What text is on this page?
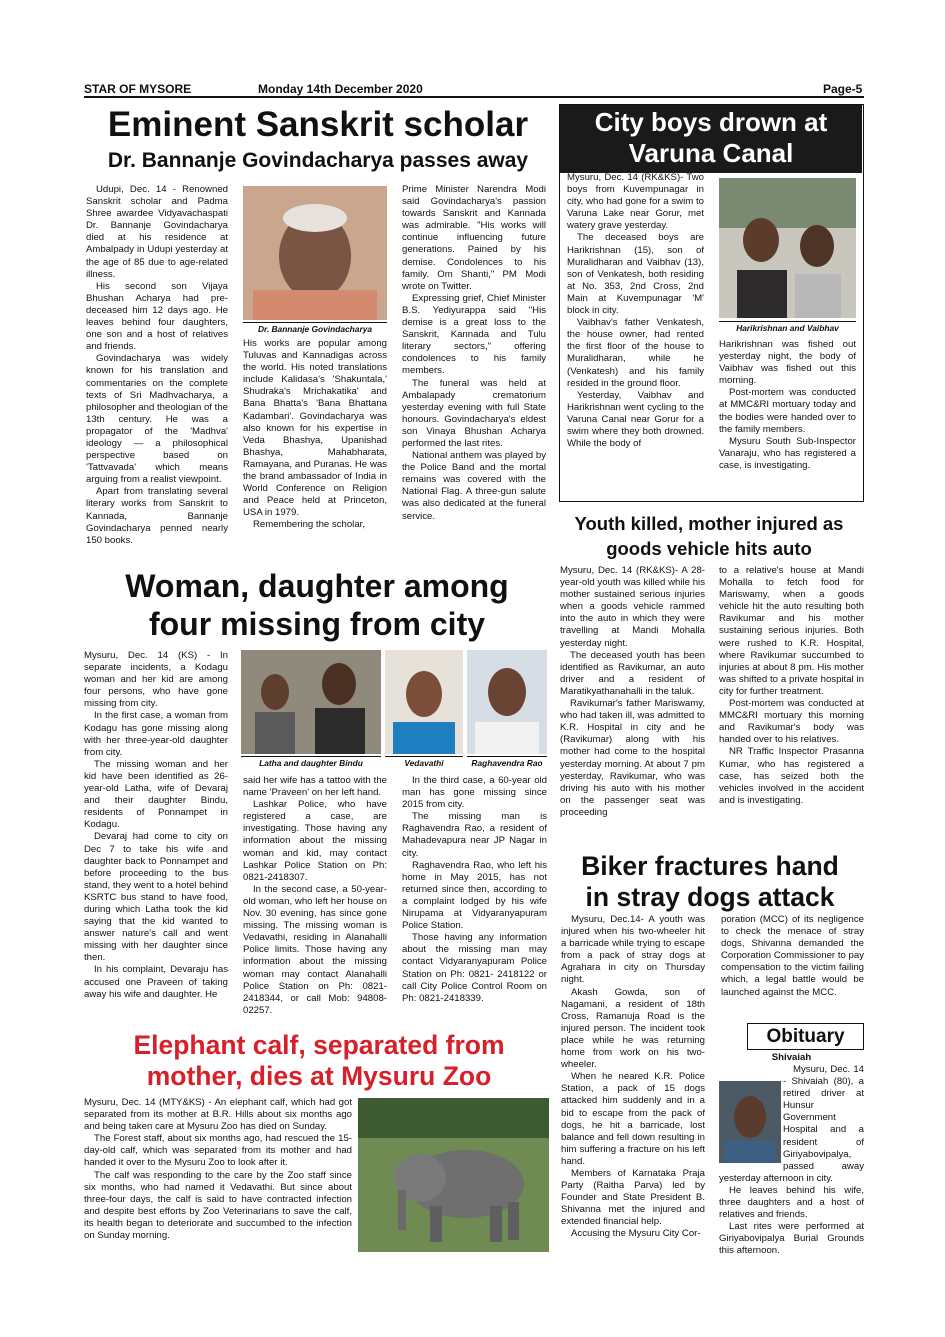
STAR OF MYSORE	Monday 14th December 2020	Page-5
Eminent Sanskrit scholar
Dr. Bannanje Govindacharya passes away

Udupi, Dec. 14 - Renowned Sanskrit scholar and Padma Shree awardee Vidyavachaspati Dr. Bannanje Govindacharya died at his residence at Ambalpady in Udupi yesterday at the age of 85 due to age-related illness.

His second son Vijaya Bhushan Acharya had pre-deceased him 12 days ago. He leaves behind four daughters, one son and a host of relatives and friends.

Govindacharya was widely known for his translation and commentaries on the complete texts of Sri Madhvacharya, a philosopher and theologian of the 13th century. He was a propagator of the 'Madhva' ideology — a philosophical perspective based on 'Tattvavada' which means arguing from a realist viewpoint.

Apart from translating several literary works from Sanskrit to Kannada, Bannanje Govindacharya penned nearly 150 books.

Dr. Bannanje Govindacharya

His works are popular among Tuluvas and Kannadigas across the world. His noted translations include Kalidasa's 'Shakuntala,' Shudraka's Mrichakatika' and Bana Bhatta's 'Bana Bhattana Kadambari'. Govindacharya was also known for his expertise in Veda Bhashya, Upanishad Bhashya, Mahabharata, Ramayana, and Puranas. He was the brand ambassador of India in World Conference on Religion and Peace held at Princeton, USA in 1979.

Remembering the scholar,

Prime Minister Narendra Modi said Govindacharya's passion towards Sanskrit and Kannada was admirable. "His works will continue influencing future generations. Pained by his demise. Condolences to his family. Om Shanti," PM Modi wrote on Twitter.

Expressing grief, Chief Minister B.S. Yediyurappa said "His demise is a great loss to the Sanskrit, Kannada and Tulu literary sectors," offering condolences to his family members.

The funeral was held at Ambalapady crematorium yesterday evening with full State honours. Govindacharya's eldest son Vinaya Bhushan Acharya performed the last rites.

National anthem was played by the Police Band and the mortal remains was covered with the National Flag. A three-gun salute was also dedicated at the funeral service.

City boys drown at
Varuna Canal

Mysuru, Dec. 14 (RK&KS)- Two boys from Kuvempunagar in city, who had gone for a swim to Varuna Lake near Gorur, met watery grave yesterday.

The deceased boys are Harikrishnan (15), son of Muralidharan and Vaibhav (13), son of Venkatesh, both residing at No. 353, 2nd Cross, 2nd Main at Kuvempunagar 'M' block in city.

Vaibhav's father Venkatesh, the house owner, had rented the first floor of the house to Muralidharan, while he (Venkatesh) and his family resided in the ground floor.

Yesterday, Vaibhav and Harikrishnan went cycling to the Varuna Canal near Gorur for a swim where they both drowned. While the body of

Harikrishnan and Vaibhav

Harikrishnan was fished out yesterday night, the body of Vaibhav was fished out this morning.

Post-mortem was conducted at MMC&RI mortuary today and the bodies were handed over to the family members.

Mysuru South Sub-Inspector Vanaraju, who has registered a case, is investigating.

Youth killed, mother injured as
goods vehicle hits auto

Mysuru, Dec. 14 (RK&KS)- A 28-year-old youth was killed while his mother sustained serious injuries when a goods vehicle rammed into the auto in which they were travelling at Mandi Mohalla yesterday night.

The deceased youth has been identified as Ravikumar, an auto driver and a resident of Maratikyathanahalli in the taluk.

Ravikumar's father Mariswamy, who had taken ill, was admitted to K.R. Hospital in city and he (Ravikumar) along with his mother had come to the hospital yesterday morning. At about 7 pm yesterday, Ravikumar, who was driving his auto with his mother on the passenger seat was proceeding

to a relative's house at Mandi Mohalla to fetch food for Mariswamy, when a goods vehicle hit the auto resulting both Ravikumar and his mother sustaining serious injuries. Both were rushed to K.R. Hospital, where Ravikumar succumbed to injuries at about 8 pm. His mother was shifted to a private hospital in city for further treatment.

Post-mortem was conducted at MMC&RI mortuary this morning and Ravikumar's body was handed over to his relatives.

NR Traffic Inspector Prasanna Kumar, who has registered a case, has seized both the vehicles involved in the accident and is investigating.

Woman, daughter among
four missing from city

Mysuru, Dec. 14 (KS) - In separate incidents, a Kodagu woman and her kid are among four persons, who have gone missing from city.

In the first case, a woman from Kodagu has gone missing along with her three-year-old daughter from city.

The missing woman and her kid have been identified as 26-year-old Latha, wife of Devaraj and their daughter Bindu, residents of Ponnampet in Kodagu.

Devaraj had come to city on Dec 7 to take his wife and daughter back to Ponnampet and before proceeding to the bus stand, they went to a hotel behind KSRTC bus stand to have food, during which Latha took the kid saying that the kid wanted to answer nature's call and went missing with her daughter since then.

In his complaint, Devaraju has accused one Praveen of taking away his wife and daughter. He

Latha and daughter Bindu	Vedavathi	Raghavendra Rao

said her wife has a tattoo with the name 'Praveen' on her left hand.

Lashkar Police, who have registered a case, are investigating. Those having any information about the missing woman and kid, may contact Lashkar Police Station on Ph: 0821-2418307.

In the second case, a 50-year-old woman, who left her house on Nov. 30 evening, has since gone missing. The missing woman is Vedavathi, residing in Alanahalli Police limits. Those having any information about the missing woman may contact Alanahalli Police Station on Ph: 0821-2418344, or call Mob: 94808-02257.

In the third case, a 60-year old man has gone missing since 2015 from city.

The missing man is Raghavendra Rao, a resident of Mahadevapura near JP Nagar in city.

Raghavendra Rao, who left his home in May 2015, has not returned since then, according to a complaint lodged by his wife Nirupama at Vidyaranyapuram Police Station.

Those having any information about the missing man may contact Vidyaranyapuram Police Station on Ph: 0821- 2418122 or call City Police Control Room on Ph: 0821-2418339.

Biker fractures hand
in stray dogs attack

Mysuru, Dec.14- A youth was injured when his two-wheeler hit a barricade while trying to escape from a pack of stray dogs at Agrahara in city on Thursday night.

Akash Gowda, son of Nagamani, a resident of 18th Cross, Ramanuja Road is the injured person. The incident took place while he was returning home from work on his two-wheeler.

When he neared K.R. Police Station, a pack of 15 dogs attacked him suddenly and in a bid to escape from the pack of dogs, he hit a barricade, lost balance and fell down resulting in him suffering a fracture on his left hand.

Members of Karnataka Praja Party (Raitha Parva) led by Founder and State President B. Shivanna met the injured and extended financial help.

Accusing the Mysuru City Cor-

poration (MCC) of its negligence to check the menace of stray dogs, Shivanna demanded the Corporation Commissioner to pay compensation to the victim failing which, a legal battle would be launched against the MCC.

Obituary
Shivaiah

Mysuru, Dec. 14 - Shivaiah (80), a retired driver at Hunsur Government Hospital and a resident of Giriyabovipalya, passed away yesterday afternoon in city.

He leaves behind his wife, three daughters and a host of relatives and friends.

Last rites were performed at Giriyabovipalya Burial Grounds this afternoon.

Elephant calf, separated from
mother, dies at Mysuru Zoo

Mysuru, Dec. 14 (MTY&KS) - An elephant calf, which had got separated from its mother at B.R. Hills about six months ago and being taken care at Mysuru Zoo has died on Sunday.

The Forest staff, about six months ago, had rescued the 15-day-old calf, which was separated from its mother and had handed it over to the Mysuru Zoo to look after it.

The calf was responding to the care by the Zoo staff since six months, who had named it Vedavathi. But since about three-four days, the calf is said to have contracted infection and despite best efforts by Zoo Veterinarians to save the calf, its health began to deteriorate and succumbed to the infection on Sunday morning.
